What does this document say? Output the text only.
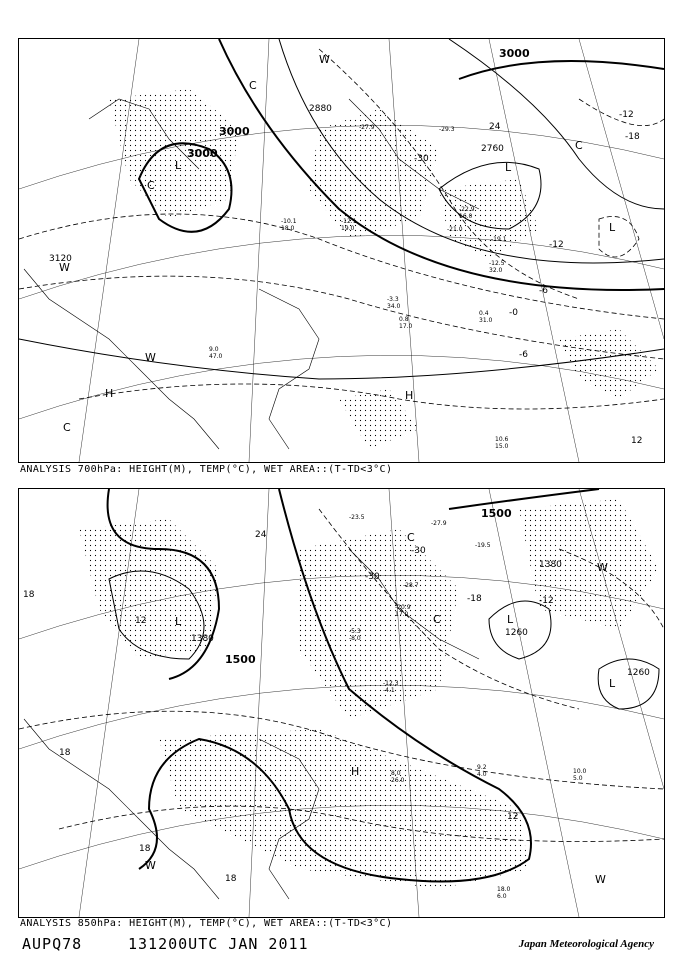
3000
3000
3000
2880
2760
3120
-30
24
-12
-18
-12
-6
-0
-6
12
L	L
L
H	H
C
C
C
C
W
W
W
-10.1
18.0
-12.1
19.0	-21.0
-19.1
-12.5
32.0
-3.3
34.0
0.8
17.0
0.4
31.0
10.6
15.0
-27.9	-29.3
-22.9
16.0
9.0
47.0
ANALYSIS 700hPa: HEIGHT(M), TEMP(°C), WET AREA::(T-TD<3°C)
1500
1500
1380
1380
1260
1260
-30
24
12
18
-12
-18
18
18
18
12
-30
L	L
L
H
C
C
W
W
W
-23.5
-28.7
-5.3
-8.0
-12.3
-4.1
8.0
26.0
9.2
4.0	10.0
5.0
18.0
6.0
-19.5
-27.9
-20.9
17.0
ANALYSIS 850hPa: HEIGHT(M), TEMP(°C), WET AREA::(T-TD<3°C)
AUPQ78	131200UTC JAN 2011	Japan Meteorological Agency
